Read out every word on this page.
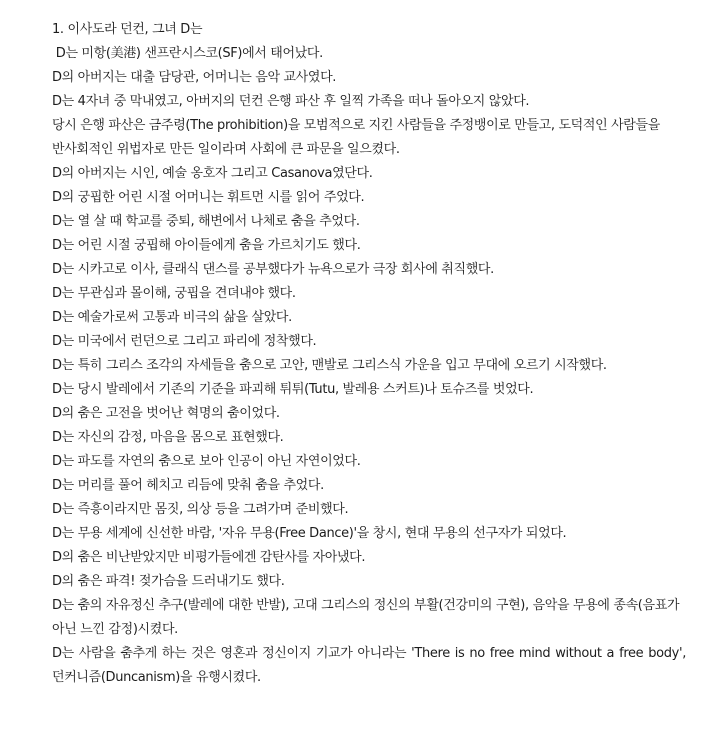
1. 이사도라 던컨, 그녀 D는

D는 미항(美港) 샌프란시스코(SF)에서 태어났다.

D의 아버지는 대출 담당관, 어머니는 음악 교사였다.

D는 4자녀 중 막내였고, 아버지의 던컨 은행 파산 후 일찍 가족을 떠나 돌아오지 않았다.

당시 은행 파산은 금주령(The prohibition)을 모범적으로 지킨 사람들을 주정뱅이로 만들고, 도덕적인 사람들을 반사회적인 위법자로 만든 일이라며 사회에 큰 파문을 일으켰다.

D의 아버지는 시인, 예술 옹호자 그리고 Casanova였단다.

D의 궁핍한 어린 시절 어머니는 휘트먼 시를 읽어 주었다.

D는 열 살 때 학교를 중퇴, 해변에서 나체로 춤을 추었다.

D는 어린 시절 궁핍해 아이들에게 춤을 가르치기도 했다.

D는 시카고로 이사, 클래식 댄스를 공부했다가 뉴욕으로가 극장 회사에 취직했다.

D는 무관심과 몰이해, 궁핍을 견뎌내야 했다.

D는 예술가로써 고통과 비극의 삶을 살았다.

D는 미국에서 런던으로 그리고 파리에 정착했다.

D는 특히 그리스 조각의 자세들을 춤으로 고안, 맨발로 그리스식 가운을 입고 무대에 오르기 시작했다.

D는 당시 발레에서 기존의 기준을 파괴해 튀튀(Tutu, 발레용 스커트)나 토슈즈를 벗었다.

D의 춤은 고전을 벗어난 혁명의 춤이었다.

D는 자신의 감정, 마음을 몸으로 표현했다.

D는 파도를 자연의 춤으로 보아 인공이 아닌 자연이었다.

D는 머리를 풀어 헤치고 리듬에 맞춰 춤을 추었다.

D는 즉흥이라지만 몸짓, 의상 등을 그려가며 준비했다.

D는 무용 세계에 신선한 바람, '자유 무용(Free Dance)'을 창시, 현대 무용의 선구자가 되었다.

D의 춤은 비난받았지만 비평가들에겐 감탄사를 자아냈다.

D의 춤은 파격! 젖가슴을 드러내기도 했다.

D는 춤의 자유정신 추구(발레에 대한 반발), 고대 그리스의 정신의 부활(건강미의 구현), 음악을 무용에 종속(음표가 아닌 느낀 감정)시켰다.

D는 사람을 춤추게 하는 것은 영혼과 정신이지 기교가 아니라는 'There is no free mind without a free body', 던커니즘(Duncanism)을 유행시켰다.
